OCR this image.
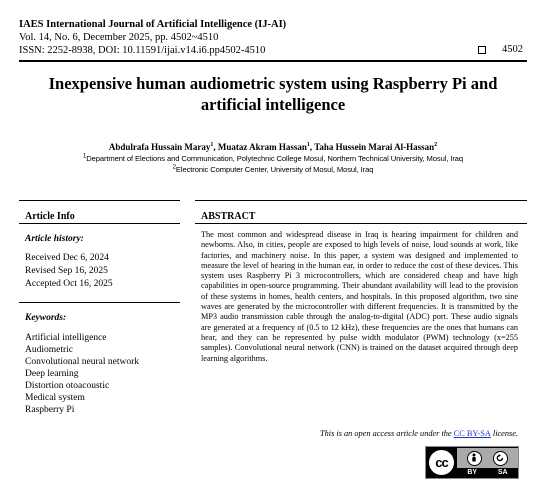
IAES International Journal of Artificial Intelligence (IJ-AI)
Vol. 14, No. 6, December 2025, pp. 4502~4510
ISSN: 2252-8938, DOI: 10.11591/ijai.v14.i6.pp4502-4510	4502
Inexpensive human audiometric system using Raspberry Pi and artificial intelligence
Abdulrafa Hussain Maray$^1$, Muataz Akram Hassan$^1$, Taha Hussein Marai Al-Hassan$^2$
$^1$Department of Elections and Communication, Polytechnic College Mosul, Northern Technical University, Mosul, Iraq
$^2$Electronic Computer Center, University of Mosul, Mosul, Iraq
Article Info	ABSTRACT
Article history:
Received Dec 6, 2024
Revised Sep 16, 2025
Accepted Oct 16, 2025
Keywords:
Artificial intelligence
Audiometric
Convolutional neural network
Deep learning
Distortion otoacoustic
Medical system
Raspberry Pi
The most common and widespread disease in Iraq is hearing impairment for children and newborns. Also, in cities, people are exposed to high levels of noise, loud sounds at work, like factories, and machinery noise. In this paper, a system was designed and implemented to measure the level of hearing in the human ear, in order to reduce the cost of these devices. This system uses Raspberry Pi 3 microcontrollers, which are considered cheap and have high capabilities in open-source programming. Their abundant availability will lead to the provision of these systems in homes, health centers, and hospitals. In this proposed algorithm, two sine waves are generated by the microcontroller with different frequencies. It is transmitted by the MP3 audio transmission cable through the analog-to-digital (ADC) port. These audio signals are generated at a frequency of (0.5 to 12 kHz), these frequencies are the ones that humans can hear, and they can be represented by pulse width modulator (PWM) technology (x=255 samples). Convolutional neural network (CNN) is trained on the dataset acquired through deep learning algorithms.
This is an open access article under the CC BY-SA license.
cc
BY	SA
